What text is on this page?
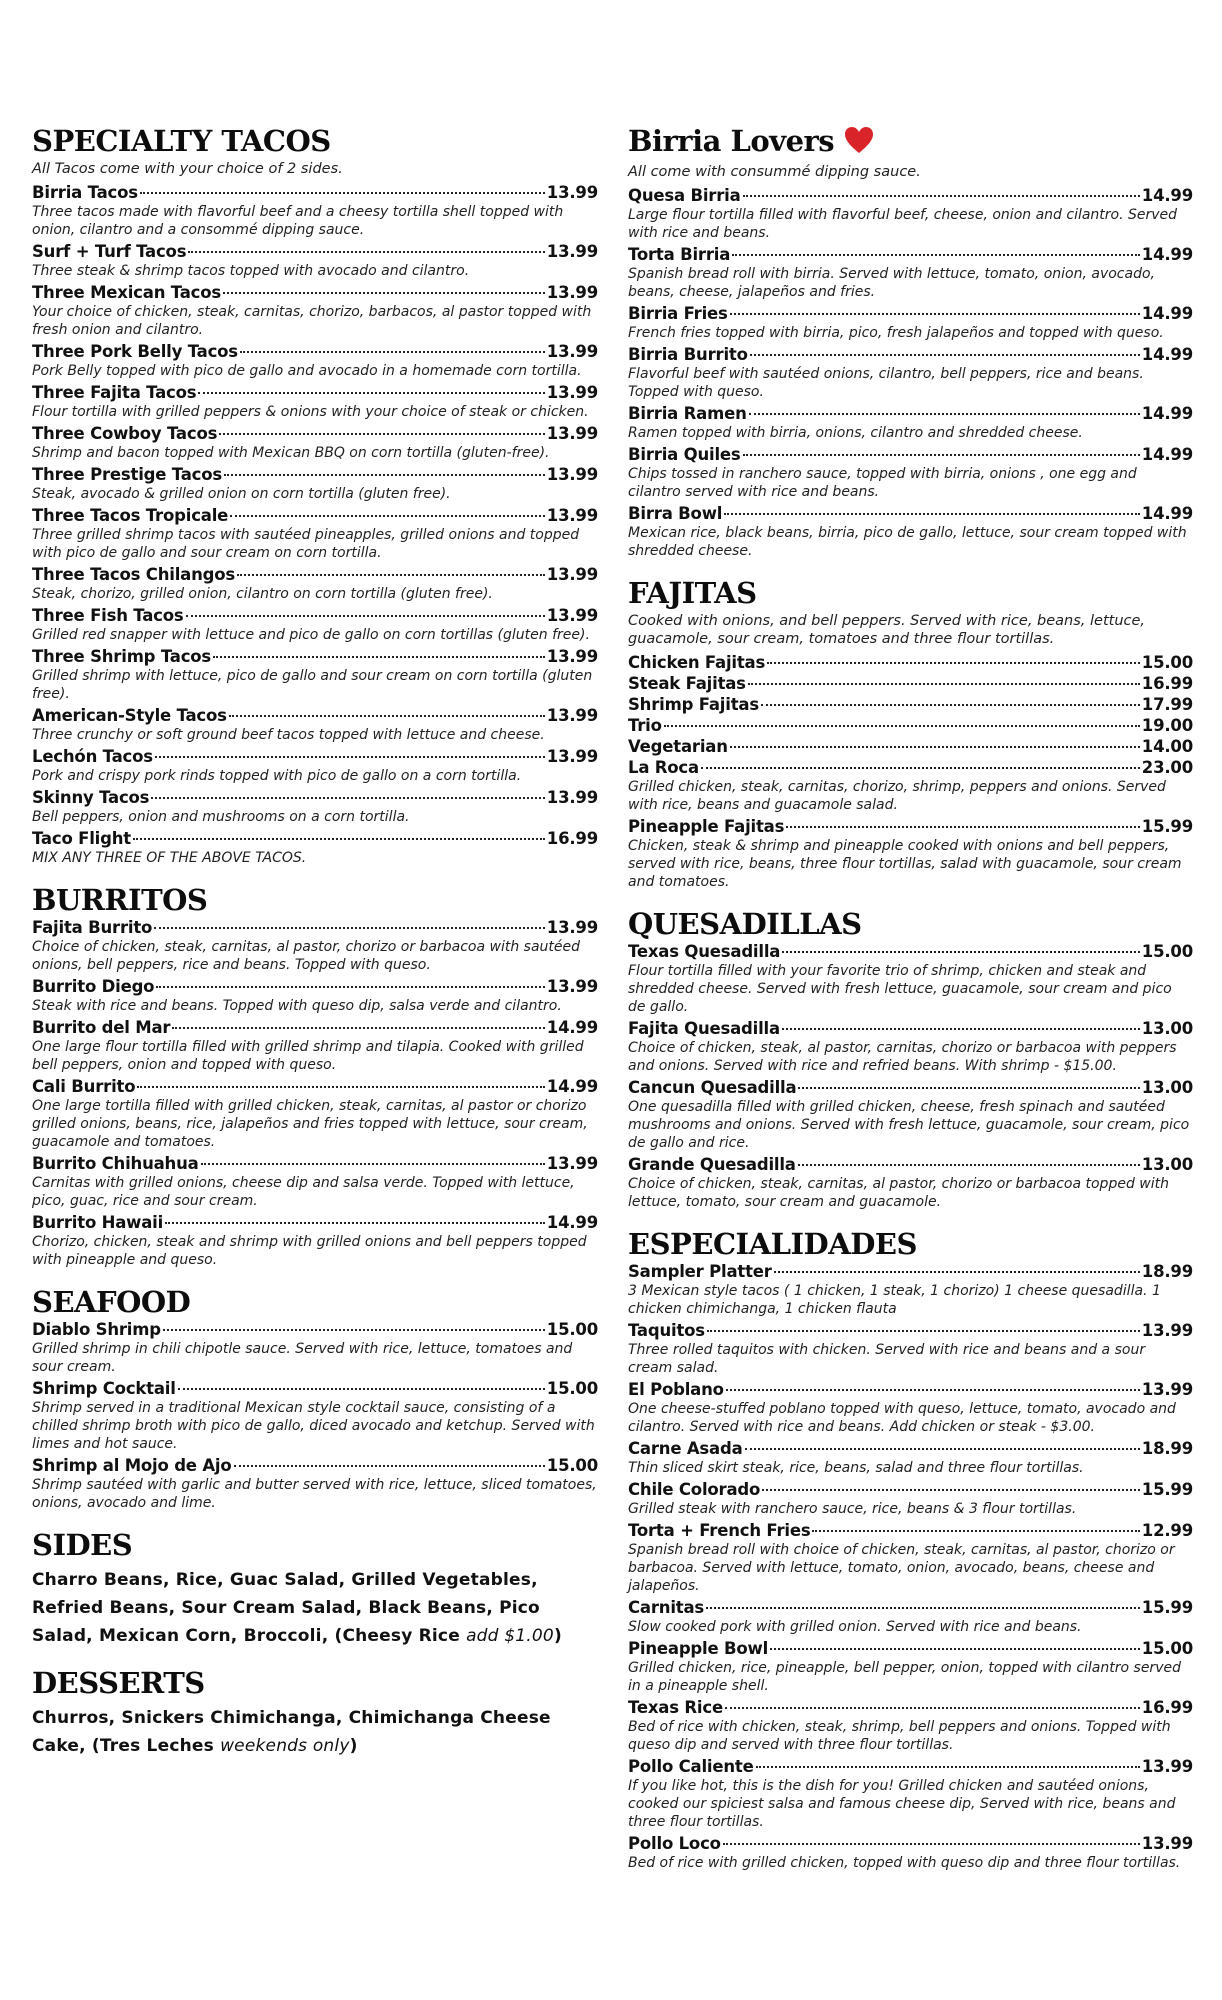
SPECIALTY TACOS
All Tacos come with your choice of 2 sides.
Birria Tacos	13.99
Three tacos made with flavorful beef and a cheesy tortilla shell topped with onion, cilantro and a consommé dipping sauce.
Surf + Turf Tacos	13.99
Three steak & shrimp tacos topped with avocado and cilantro.
Three Mexican Tacos	13.99
Your choice of chicken, steak, carnitas, chorizo, barbacos, al pastor topped with fresh onion and cilantro.
Three Pork Belly Tacos	13.99
Pork Belly topped with pico de gallo and avocado in a homemade corn tortilla.
Three Fajita Tacos	13.99
Flour tortilla with grilled peppers & onions with your choice of steak or chicken.
Three Cowboy Tacos	13.99
Shrimp and bacon topped with Mexican BBQ on corn tortilla (gluten-free).
Three Prestige Tacos	13.99
Steak, avocado & grilled onion on corn tortilla (gluten free).
Three Tacos Tropicale	13.99
Three grilled shrimp tacos with sautéed pineapples, grilled onions and topped with pico de gallo and sour cream on corn tortilla.
Three Tacos Chilangos	13.99
Steak, chorizo, grilled onion, cilantro on corn tortilla (gluten free).
Three Fish Tacos	13.99
Grilled red snapper with lettuce and pico de gallo on corn tortillas (gluten free).
Three Shrimp Tacos	13.99
Grilled shrimp with lettuce, pico de gallo and sour cream on corn tortilla (gluten free).
American-Style Tacos	13.99
Three crunchy or soft ground beef tacos topped with lettuce and cheese.
Lechón Tacos	13.99
Pork and crispy pork rinds topped with pico de gallo on a corn tortilla.
Skinny Tacos	13.99
Bell peppers, onion and mushrooms on a corn tortilla.
Taco Flight	16.99
MIX ANY THREE OF THE ABOVE TACOS.
BURRITOS
Fajita Burrito	13.99
Choice of chicken, steak, carnitas, al pastor, chorizo or barbacoa with sautéed onions, bell peppers, rice and beans. Topped with queso.
Burrito Diego	13.99
Steak with rice and beans. Topped with queso dip, salsa verde and cilantro.
Burrito del Mar	14.99
One large flour tortilla filled with grilled shrimp and tilapia. Cooked with grilled bell peppers, onion and topped with queso.
Cali Burrito	14.99
One large tortilla filled with grilled chicken, steak, carnitas, al pastor or chorizo grilled onions, beans, rice, jalapeños and fries topped with lettuce, sour cream, guacamole and tomatoes.
Burrito Chihuahua	13.99
Carnitas with grilled onions, cheese dip and salsa verde. Topped with lettuce, pico, guac, rice and sour cream.
Burrito Hawaii	14.99
Chorizo, chicken, steak and shrimp with grilled onions and bell peppers topped with pineapple and queso.
SEAFOOD
Diablo Shrimp	15.00
Grilled shrimp in chili chipotle sauce. Served with rice, lettuce, tomatoes and sour cream.
Shrimp Cocktail	15.00
Shrimp served in a traditional Mexican style cocktail sauce, consisting of a chilled shrimp broth with pico de gallo, diced avocado and ketchup. Served with limes and hot sauce.
Shrimp al Mojo de Ajo	15.00
Shrimp sautéed with garlic and butter served with rice, lettuce, sliced tomatoes, onions, avocado and lime.
SIDES

Charro Beans, Rice, Guac Salad, Grilled Vegetables, Refried Beans, Sour Cream Salad, Black Beans, Pico Salad, Mexican Corn, Broccoli, (Cheesy Rice add $1.00)

DESSERTS

Churros, Snickers Chimichanga, Chimichanga Cheese Cake, (Tres Leches weekends only)

Birria Lovers
All come with consummé dipping sauce.
Quesa Birria	14.99
Large flour tortilla filled with flavorful beef, cheese, onion and cilantro. Served with rice and beans.
Torta Birria	14.99
Spanish bread roll with birria. Served with lettuce, tomato, onion, avocado, beans, cheese, jalapeños and fries.
Birria Fries	14.99
French fries topped with birria, pico, fresh jalapeños and topped with queso.
Birria Burrito	14.99
Flavorful beef with sautéed onions, cilantro, bell peppers, rice and beans. Topped with queso.
Birria Ramen	14.99
Ramen topped with birria, onions, cilantro and shredded cheese.
Birria Quiles	14.99
Chips tossed in ranchero sauce, topped with birria, onions , one egg and cilantro served with rice and beans.
Birra Bowl	14.99
Mexican rice, black beans, birria, pico de gallo, lettuce, sour cream topped with shredded cheese.
FAJITAS
Cooked with onions, and bell peppers. Served with rice, beans, lettuce, guacamole, sour cream, tomatoes and three flour tortillas.
Chicken Fajitas	15.00
Steak Fajitas	16.99
Shrimp Fajitas	17.99
Trio	19.00
Vegetarian	14.00
La Roca	23.00
Grilled chicken, steak, carnitas, chorizo, shrimp, peppers and onions. Served with rice, beans and guacamole salad.
Pineapple Fajitas	15.99
Chicken, steak & shrimp and pineapple cooked with onions and bell peppers, served with rice, beans, three flour tortillas, salad with guacamole, sour cream and tomatoes.
QUESADILLAS
Texas Quesadilla	15.00
Flour tortilla filled with your favorite trio of shrimp, chicken and steak and shredded cheese. Served with fresh lettuce, guacamole, sour cream and pico de gallo.
Fajita Quesadilla	13.00
Choice of chicken, steak, al pastor, carnitas, chorizo or barbacoa with peppers and onions. Served with rice and refried beans. With shrimp - $15.00.
Cancun Quesadilla	13.00
One quesadilla filled with grilled chicken, cheese, fresh spinach and sautéed mushrooms and onions. Served with fresh lettuce, guacamole, sour cream, pico de gallo and rice.
Grande Quesadilla	13.00
Choice of chicken, steak, carnitas, al pastor, chorizo or barbacoa topped with lettuce, tomato, sour cream and guacamole.
ESPECIALIDADES
Sampler Platter	18.99
3 Mexican style tacos ( 1 chicken, 1 steak, 1 chorizo) 1 cheese quesadilla. 1 chicken chimichanga, 1 chicken flauta
Taquitos	13.99
Three rolled taquitos with chicken. Served with rice and beans and a sour cream salad.
El Poblano	13.99
One cheese-stuffed poblano topped with queso, lettuce, tomato, avocado and cilantro. Served with rice and beans. Add chicken or steak - $3.00.
Carne Asada	18.99
Thin sliced skirt steak, rice, beans, salad and three flour tortillas.
Chile Colorado	15.99
Grilled steak with ranchero sauce, rice, beans & 3 flour tortillas.
Torta + French Fries	12.99
Spanish bread roll with choice of chicken, steak, carnitas, al pastor, chorizo or barbacoa. Served with lettuce, tomato, onion, avocado, beans, cheese and jalapeños.
Carnitas	15.99
Slow cooked pork with grilled onion. Served with rice and beans.
Pineapple Bowl	15.00
Grilled chicken, rice, pineapple, bell pepper, onion, topped with cilantro served in a pineapple shell.
Texas Rice	16.99
Bed of rice with chicken, steak, shrimp, bell peppers and onions. Topped with queso dip and served with three flour tortillas.
Pollo Caliente	13.99
If you like hot, this is the dish for you! Grilled chicken and sautéed onions, cooked our spiciest salsa and famous cheese dip, Served with rice, beans and three flour tortillas.
Pollo Loco	13.99
Bed of rice with grilled chicken, topped with queso dip and three flour tortillas.
